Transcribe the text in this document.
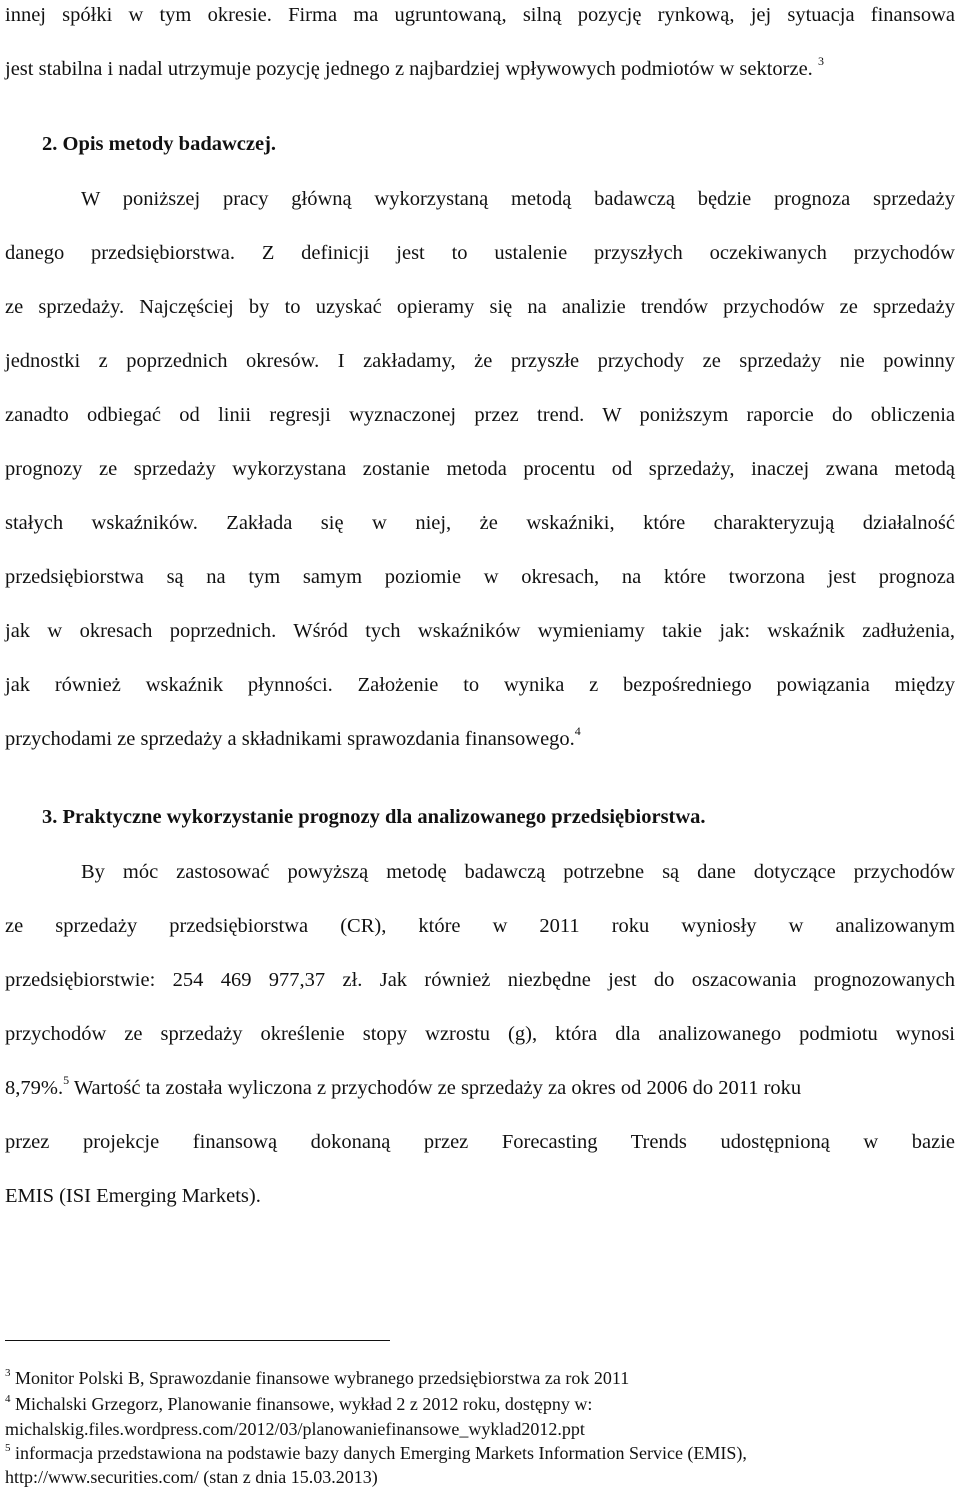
innej spółki w tym okresie. Firma ma ugruntowaną, silną pozycję rynkową, jej sytuacja finansowa
jest stabilna i nadal utrzymuje pozycję jednego z najbardziej wpływowych podmiotów w sektorze. $^3$
2. Opis metody badawczej.
W poniższej pracy główną wykorzystaną metodą badawczą będzie prognoza sprzedaży
danego przedsiębiorstwa. Z definicji jest to ustalenie przyszłych oczekiwanych przychodów
ze sprzedaży. Najczęściej by to uzyskać opieramy się na analizie trendów przychodów ze sprzedaży
jednostki z poprzednich okresów. I zakładamy, że przyszłe przychody ze sprzedaży nie powinny
zanadto odbiegać od linii regresji wyznaczonej przez trend. W poniższym raporcie do obliczenia
prognozy ze sprzedaży wykorzystana zostanie metoda procentu od sprzedaży, inaczej zwana metodą
stałych wskaźników. Zakłada się w niej, że wskaźniki, które charakteryzują działalność
przedsiębiorstwa są na tym samym poziomie w okresach, na które tworzona jest prognoza
jak w okresach poprzednich. Wśród tych wskaźników wymieniamy takie jak: wskaźnik zadłużenia,
jak również wskaźnik płynności. Założenie to wynika z bezpośredniego powiązania między
przychodami ze sprzedaży a składnikami sprawozdania finansowego.$^4$
3. Praktyczne wykorzystanie prognozy dla analizowanego przedsiębiorstwa.
By móc zastosować powyższą metodę badawczą potrzebne są dane dotyczące przychodów
ze sprzedaży przedsiębiorstwa (CR), które w 2011 roku wyniosły w analizowanym
przedsiębiorstwie: 254 469 977,37 zł. Jak również niezbędne jest do oszacowania prognozowanych
przychodów ze sprzedaży określenie stopy wzrostu (g), która dla analizowanego podmiotu wynosi
8,79%.$^5$ Wartość ta została wyliczona z przychodów ze sprzedaży za okres od 2006 do 2011 roku
przez projekcje finansową dokonaną przez Forecasting Trends udostępnioną w bazie
EMIS (ISI Emerging Markets).
$^3$ Monitor Polski B, Sprawozdanie finansowe wybranego przedsiębiorstwa za rok 2011
$^4$ Michalski Grzegorz, Planowanie finansowe, wykład 2 z 2012 roku, dostępny w:
michalskig.files.wordpress.com/2012/03/planowaniefinansowe_wyklad2012.ppt
$^5$ informacja przedstawiona na podstawie bazy danych Emerging Markets Information Service (EMIS),
http://www.securities.com/ (stan z dnia 15.03.2013)
